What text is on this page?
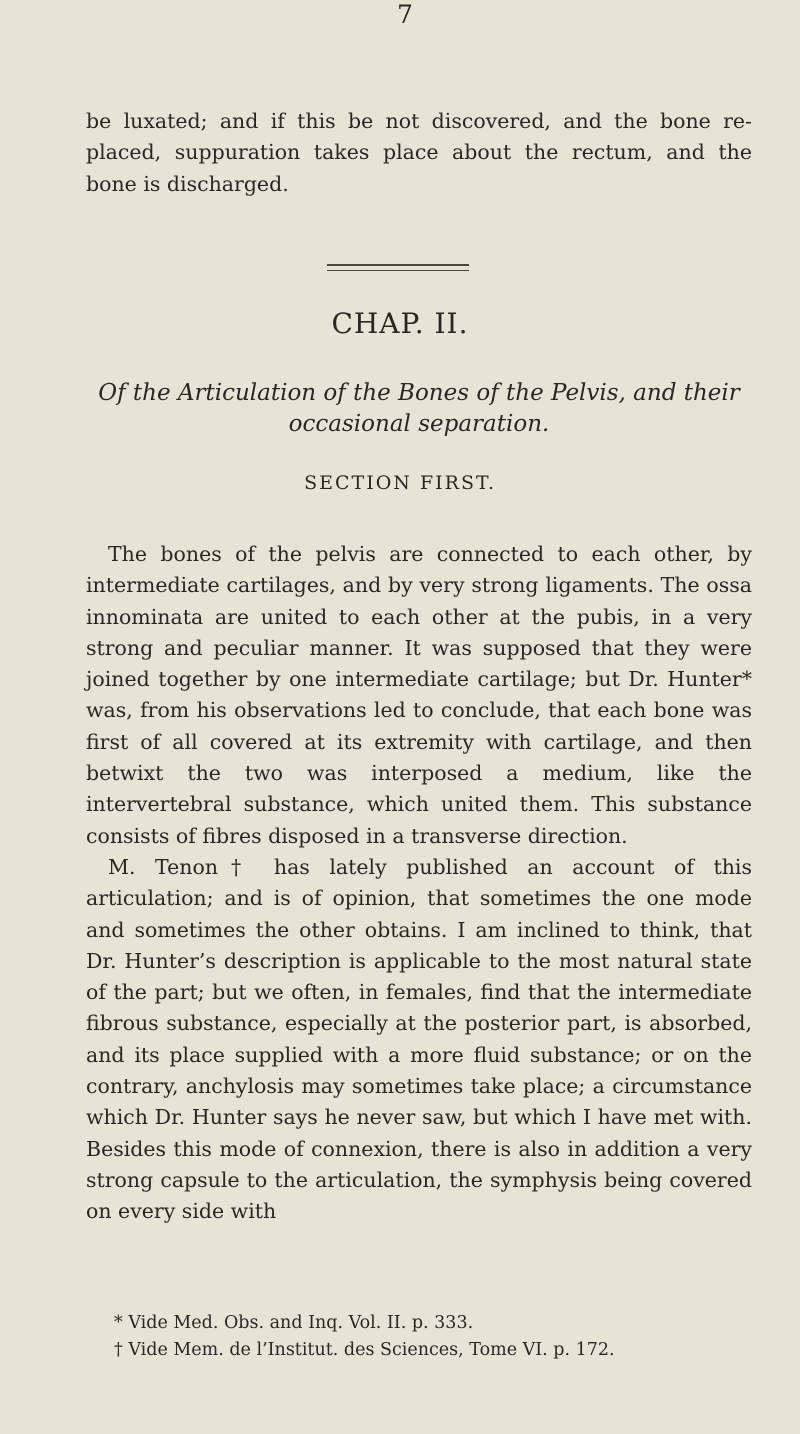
7
be luxated; and if this be not discovered, and the bone re-placed, suppuration takes place about the rectum, and the bone is discharged.
CHAP. II.
Of the Articulation of the Bones of the Pelvis, and their occasional separation.
SECTION FIRST.

The bones of the pelvis are connected to each other, by intermediate cartilages, and by very strong ligaments. The ossa innominata are united to each other at the pubis, in a very strong and peculiar manner. It was supposed that they were joined together by one intermediate cartilage; but Dr. Hunter* was, from his observations led to conclude, that each bone was first of all covered at its extremity with cartilage, and then betwixt the two was interposed a medium, like the intervertebral substance, which united them. This substance consists of fibres disposed in a transverse direction.

M. Tenon† has lately published an account of this articulation; and is of opinion, that sometimes the one mode and sometimes the other obtains. I am inclined to think, that Dr. Hunter’s description is applicable to the most natural state of the part; but we often, in females, find that the intermediate fibrous substance, especially at the posterior part, is absorbed, and its place supplied with a more fluid substance; or on the contrary, anchylosis may sometimes take place; a circumstance which Dr. Hunter says he never saw, but which I have met with. Besides this mode of connexion, there is also in addition a very strong capsule to the articulation, the symphysis being covered on every side with

* Vide Med. Obs. and Inq. Vol. II. p. 333.
† Vide Mem. de l’Institut. des Sciences, Tome VI. p. 172.
